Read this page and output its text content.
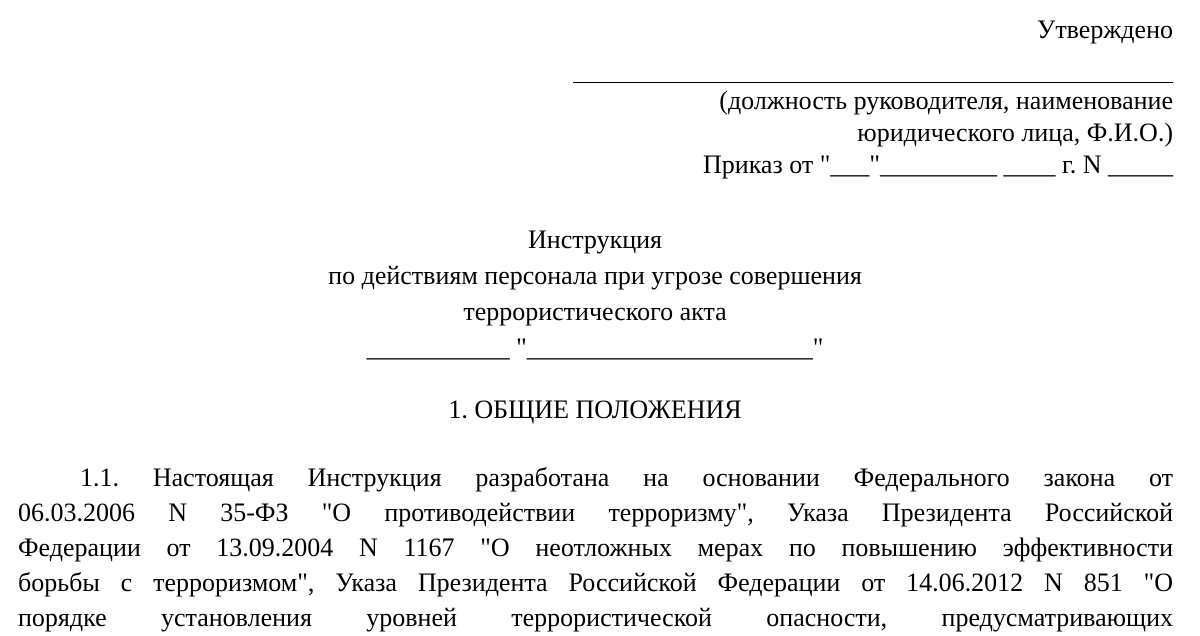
Утверждено
(должность руководителя, наименование
юридического лица, Ф.И.О.)
Приказ от "___"_________ ____ г. N _____
Инструкция
по действиям персонала при угрозе совершения
террористического акта
___________ "______________________"
1. ОБЩИЕ ПОЛОЖЕНИЯ
1.1. Настоящая Инструкция разработана на основании Федерального закона от
06.03.2006 N 35-ФЗ "О противодействии терроризму", Указа Президента Российской
Федерации от 13.09.2004 N 1167 "О неотложных мерах по повышению эффективности
борьбы с терроризмом", Указа Президента Российской Федерации от 14.06.2012 N 851 "О
порядке установления уровней террористической опасности, предусматривающих
